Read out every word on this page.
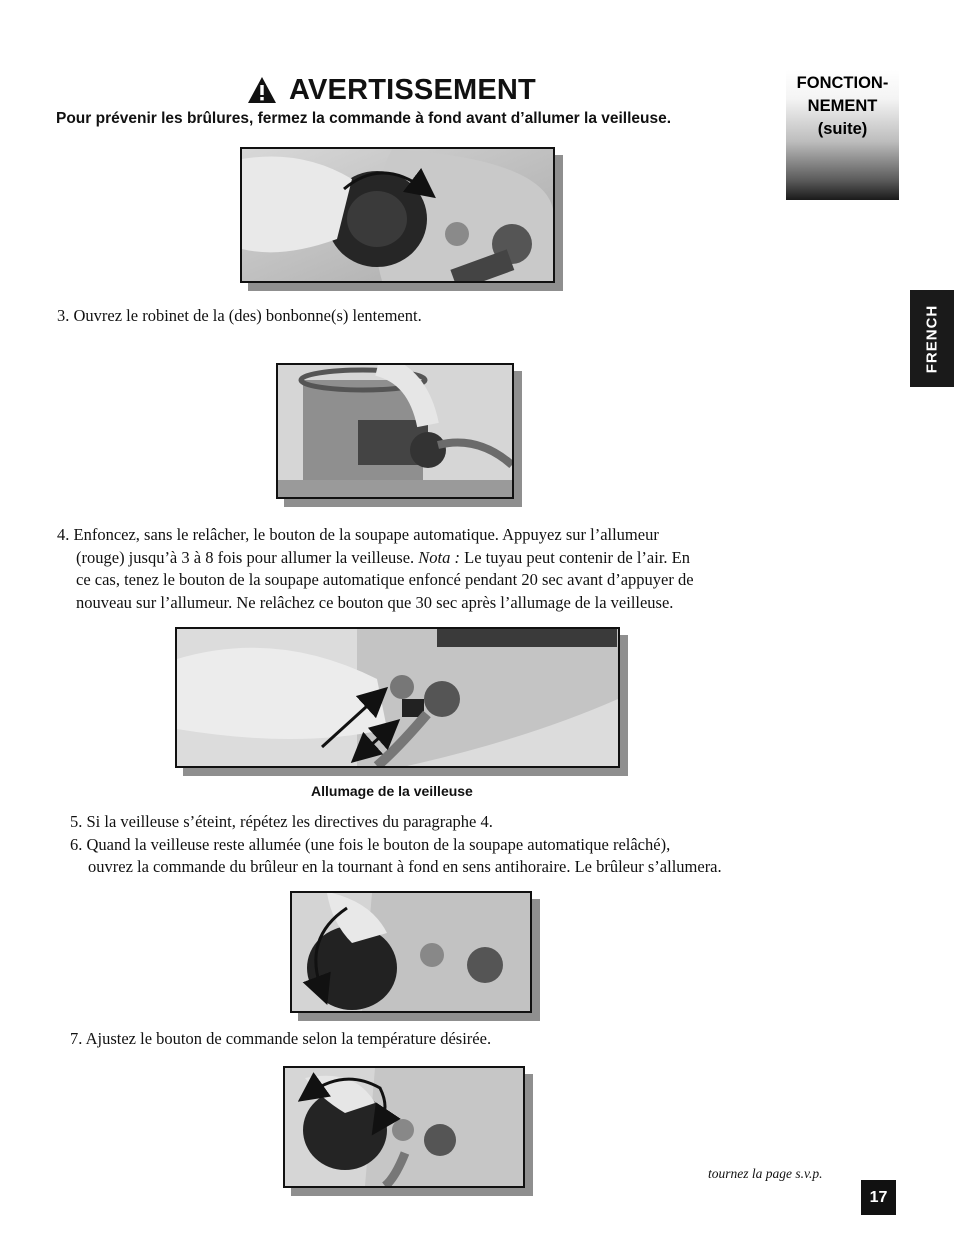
AVERTISSEMENT
Pour prévenir les brûlures, fermez la commande à fond avant d’allumer la veilleuse.
FONCTION-
NEMENT
(suite)
FRENCH
3. Ouvrez le robinet de la (des) bonbonne(s) lentement.
4. Enfoncez, sans le relâcher, le bouton de la soupape automatique. Appuyez sur l’allumeur
(rouge) jusqu’à 3 à 8 fois pour allumer la veilleuse. Nota : Le tuyau peut contenir de l’air. En
ce cas, tenez le bouton de la soupape automatique enfoncé pendant 20 sec avant d’appuyer de
nouveau sur l’allumeur. Ne relâchez ce bouton que 30 sec après l’allumage de la veilleuse.
Allumage de la veilleuse
5. Si la veilleuse s’éteint, répétez les directives du paragraphe 4.
6. Quand la veilleuse reste allumée (une fois le bouton de la soupape automatique relâché),
ouvrez la commande du brûleur en la tournant à fond en sens antihoraire. Le brûleur s’allumera.
7. Ajustez le bouton de commande selon la température désirée.
tournez la page s.v.p.
17
